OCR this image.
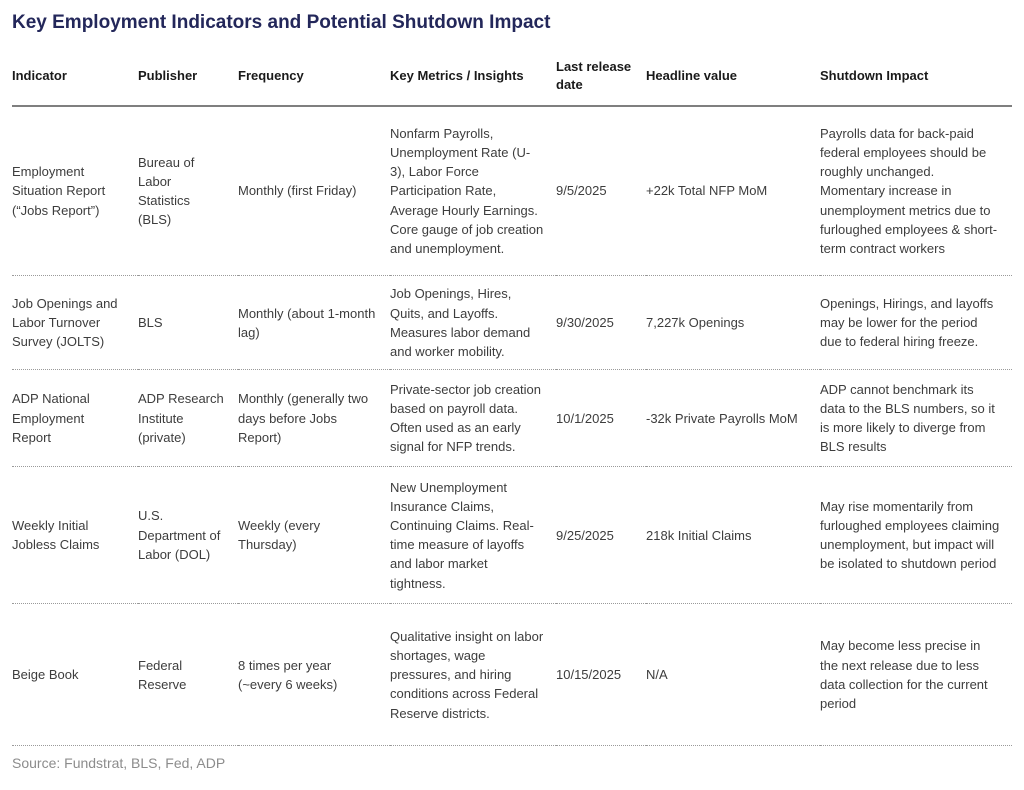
Key Employment Indicators and Potential Shutdown Impact
Indicator	Publisher	Frequency	Key Metrics / Insights	Last release date	Headline value	Shutdown Impact
Employment Situation Report (“Jobs Report”)	Bureau of Labor Statistics (BLS)	Monthly (first Friday)	Nonfarm Payrolls, Unemployment Rate (U-3), Labor Force Participation Rate, Average Hourly Earnings. Core gauge of job creation and unemployment.	9/5/2025	+22k Total NFP MoM	Payrolls data for back-paid federal employees should be roughly unchanged. Momentary increase in unemployment metrics due to furloughed employees & short-term contract workers
Job Openings and Labor Turnover Survey (JOLTS)	BLS	Monthly (about 1-month lag)	Job Openings, Hires, Quits, and Layoffs. Measures labor demand and worker mobility.	9/30/2025	7,227k Openings	Openings, Hirings, and layoffs may be lower for the period due to federal hiring freeze.
ADP National Employment Report	ADP Research Institute (private)	Monthly (generally two days before Jobs Report)	Private-sector job creation based on payroll data. Often used as an early signal for NFP trends.	10/1/2025	-32k Private Payrolls MoM	ADP cannot benchmark its data to the BLS numbers, so it is more likely to diverge from BLS results
Weekly Initial Jobless Claims	U.S. Department of Labor (DOL)	Weekly (every Thursday)	New Unemployment Insurance Claims, Continuing Claims. Real-time measure of layoffs and labor market tightness.	9/25/2025	218k Initial Claims	May rise momentarily from furloughed employees claiming unemployment, but impact will be isolated to shutdown period
Beige Book	Federal Reserve	8 times per year (~every 6 weeks)	Qualitative insight on labor shortages, wage pressures, and hiring conditions across Federal Reserve districts.	10/15/2025	N/A	May become less precise in the next release due to less data collection for the current period
Source: Fundstrat, BLS, Fed, ADP
